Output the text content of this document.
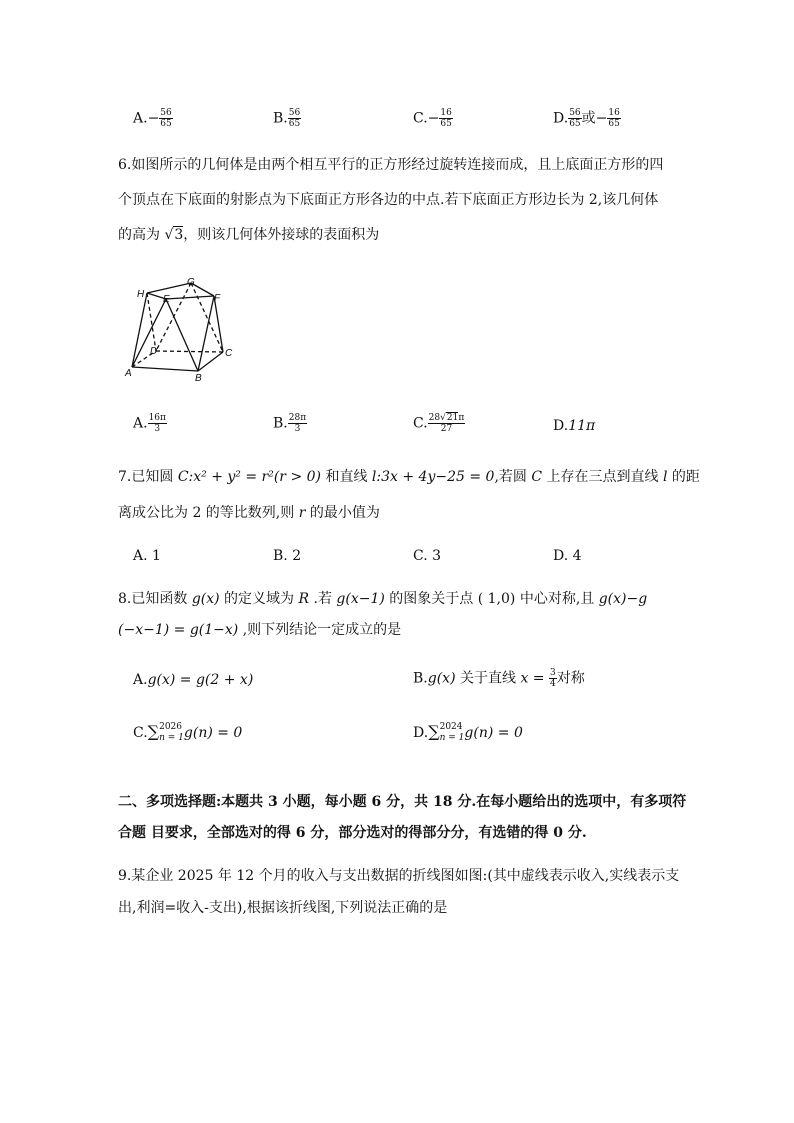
$A.- \frac{56}{65}$	B. $\frac{56}{65}$	$C.- \frac{16}{65}$	D. $\frac{56}{65}$ 或− $\frac{16}{65}$
6.如图所示的几何体是由两个相互平行的正方形经过旋转连接而成，且上底面正方形的四
个顶点在下底面的射影点为下底面正方形各边的中点.若下底面正方形边长为 2,该几何体
的高为 √3，则该几何体外接球的表面积为
H E
G
F
D	C
A	B
A. $\frac{16\pi}{3}$	B. $\frac{28\pi}{3}$	C. $\frac{28√21\pi}{27}$	D.11π
7.已知圆 C:x² + y² = r²(r > 0) 和直线 l:3x + 4y−25 = 0,若圆 C 上存在三点到直线 l 的距
离成公比为 2 的等比数列,则 r 的最小值为
A. 1	B. 2	C. 3	D. 4
8.已知函数 g(x) 的定义域为 R .若 g(x−1) 的图象关于点 ( 1,0) 中心对称,且 g(x)−g
(−x−1) = g(1−x) ,则下列结论一定成立的是
A.g(x) = g(2 + x)	B.g(x) 关于直线 $x = \frac{3}{4}$ 对称
C.∑ 2026
n = 1 g(n) = 0	D.∑ 2024
n = 1 g(n) = 0
二、多项选择题:本题共 3 小题，每小题 6 分，共 18 分.在每小题给出的选项中，有多项符
合题 目要求，全部选对的得 6 分，部分选对的得部分分，有选错的得 0 分.
9.某企业 2025 年 12 个月的收入与支出数据的折线图如图:(其中虚线表示收入,实线表示支
出,利润=收入-支出),根据该折线图,下列说法正确的是
